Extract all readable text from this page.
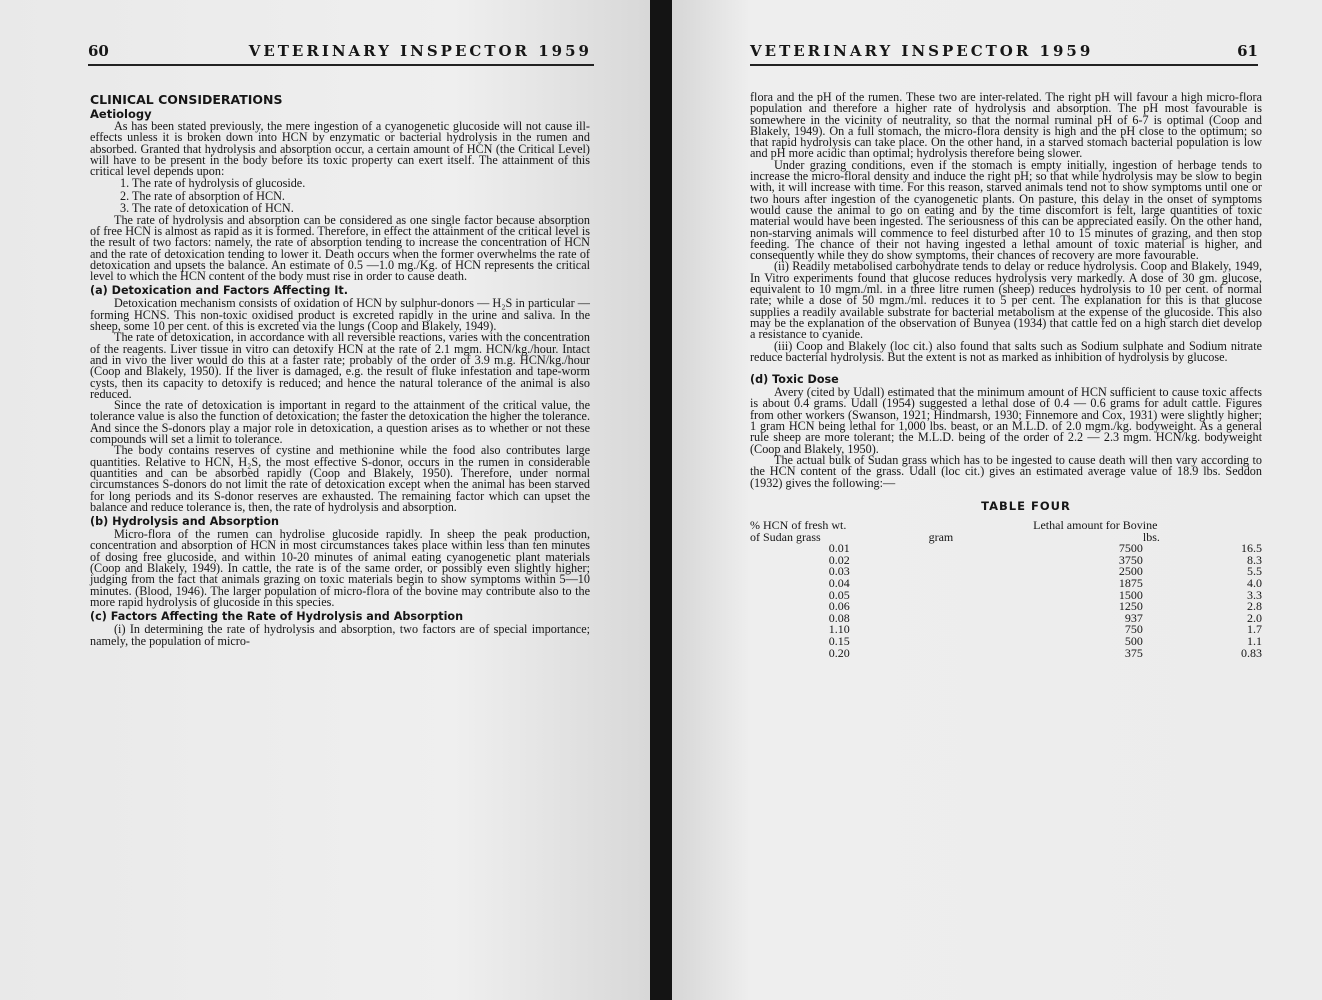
60	VETERINARY INSPECTOR 1959
CLINICAL CONSIDERATIONS
Aetiology

As has been stated previously, the mere ingestion of a cyanogenetic glucoside will not cause ill-effects unless it is broken down into HCN by enzymatic or bacterial hydrolysis in the rumen and absorbed. Granted that hydrolysis and absorption occur, a certain amount of HCN (the Critical Level) will have to be present in the body before its toxic property can exert itself. The attainment of this critical level depends upon:

1. The rate of hydrolysis of glucoside.
2. The rate of absorption of HCN.
3. The rate of detoxication of HCN.

The rate of hydrolysis and absorption can be considered as one single factor because absorption of free HCN is almost as rapid as it is formed. Therefore, in effect the attainment of the critical level is the result of two factors: namely, the rate of absorption tending to increase the concentration of HCN and the rate of detoxication tending to lower it. Death occurs when the former overwhelms the rate of detoxication and upsets the balance. An estimate of 0.5 —1.0 mg./Kg. of HCN represents the critical level to which the HCN content of the body must rise in order to cause death.

(a) Detoxication and Factors Affecting It.

Detoxication mechanism consists of oxidation of HCN by sulphur-donors — H₂S in particular — forming HCNS. This non-toxic oxidised product is excreted rapidly in the urine and saliva. In the sheep, some 10 per cent. of this is excreted via the lungs (Coop and Blakely, 1949).

The rate of detoxication, in accordance with all reversible reactions, varies with the concentration of the reagents. Liver tissue in vitro can detoxify HCN at the rate of 2.1 mgm. HCN/kg./hour. Intact and in vivo the liver would do this at a faster rate; probably of the order of 3.9 m.g. HCN/kg./hour (Coop and Blakely, 1950). If the liver is damaged, e.g. the result of fluke infestation and tape-worm cysts, then its capacity to detoxify is reduced; and hence the natural tolerance of the animal is also reduced.

Since the rate of detoxication is important in regard to the attainment of the critical value, the tolerance value is also the function of detoxication; the faster the detoxication the higher the tolerance. And since the S-donors play a major role in detoxication, a question arises as to whether or not these compounds will set a limit to tolerance.

The body contains reserves of cystine and methionine while the food also contributes large quantities. Relative to HCN, H₂S, the most effective S-donor, occurs in the rumen in considerable quantities and can be absorbed rapidly (Coop and Blakely, 1950). Therefore, under normal circumstances S-donors do not limit the rate of detoxication except when the animal has been starved for long periods and its S-donor reserves are exhausted. The remaining factor which can upset the balance and reduce tolerance is, then, the rate of hydrolysis and absorption.

(b) Hydrolysis and Absorption

Micro-flora of the rumen can hydrolise glucoside rapidly. In sheep the peak production, concentration and absorption of HCN in most circumstances takes place within less than ten minutes of dosing free glucoside, and within 10-20 minutes of animal eating cyanogenetic plant materials (Coop and Blakely, 1949). In cattle, the rate is of the same order, or possibly even slightly higher; judging from the fact that animals grazing on toxic materials begin to show symptoms within 5—10 minutes. (Blood, 1946). The larger population of micro-flora of the bovine may contribute also to the more rapid hydrolysis of glucoside in this species.

(c) Factors Affecting the Rate of Hydrolysis and Absorption

(i) In determining the rate of hydrolysis and absorption, two factors are of special importance; namely, the population of micro-

VETERINARY INSPECTOR 1959	61

flora and the pH of the rumen. These two are inter-related. The right pH will favour a high micro-flora population and therefore a higher rate of hydrolysis and absorption. The pH most favourable is somewhere in the vicinity of neutrality, so that the normal ruminal pH of 6-7 is optimal (Coop and Blakely, 1949). On a full stomach, the micro-flora density is high and the pH close to the optimum; so that rapid hydrolysis can take place. On the other hand, in a starved stomach bacterial population is low and pH more acidic than optimal; hydrolysis therefore being slower.

Under grazing conditions, even if the stomach is empty initially, ingestion of herbage tends to increase the micro-floral density and induce the right pH; so that while hydrolysis may be slow to begin with, it will increase with time. For this reason, starved animals tend not to show symptoms until one or two hours after ingestion of the cyanogenetic plants. On pasture, this delay in the onset of symptoms would cause the animal to go on eating and by the time discomfort is felt, large quantities of toxic material would have been ingested. The seriousness of this can be appreciated easily. On the other hand, non-starving animals will commence to feel disturbed after 10 to 15 minutes of grazing, and then stop feeding. The chance of their not having ingested a lethal amount of toxic material is higher, and consequently while they do show symptoms, their chances of recovery are more favourable.

(ii) Readily metabolised carbohydrate tends to delay or reduce hydrolysis. Coop and Blakely, 1949, In Vitro experiments found that glucose reduces hydrolysis very markedly. A dose of 30 gm. glucose, equivalent to 10 mgm./ml. in a three litre rumen (sheep) reduces hydrolysis to 10 per cent. of normal rate; while a dose of 50 mgm./ml. reduces it to 5 per cent. The explanation for this is that glucose supplies a readily available substrate for bacterial metabolism at the expense of the glucoside. This also may be the explanation of the observation of Bunyea (1934) that cattle fed on a high starch diet develop a resistance to cyanide.

(iii) Coop and Blakely (loc cit.) also found that salts such as Sodium sulphate and Sodium nitrate reduce bacterial hydrolysis. But the extent is not as marked as inhibition of hydrolysis by glucose.

(d) Toxic Dose

Avery (cited by Udall) estimated that the minimum amount of HCN sufficient to cause toxic affects is about 0.4 grams. Udall (1954) suggested a lethal dose of 0.4 — 0.6 grams for adult cattle. Figures from other workers (Swanson, 1921; Hindmarsh, 1930; Finnemore and Cox, 1931) were slightly higher; 1 gram HCN being lethal for 1,000 lbs. beast, or an M.L.D. of 2.0 mgm./kg. bodyweight. As a general rule sheep are more tolerant; the M.L.D. being of the order of 2.2 — 2.3 mgm. HCN/kg. bodyweight (Coop and Blakely, 1950).

The actual bulk of Sudan grass which has to be ingested to cause death will then vary according to the HCN content of the grass. Udall (loc cit.) gives an estimated average value of 18.9 lbs. Seddon (1932) gives the following:—

TABLE FOUR
% HCN of fresh wt.	Lethal amount for Bovine	
of Sudan grass	gram	lbs.
0.01	7500	16.5
0.02	3750	8.3
0.03	2500	5.5
0.04	1875	4.0
0.05	1500	3.3
0.06	1250	2.8
0.08	937	2.0
1.10	750	1.7
0.15	500	1.1
0.20	375	0.83
